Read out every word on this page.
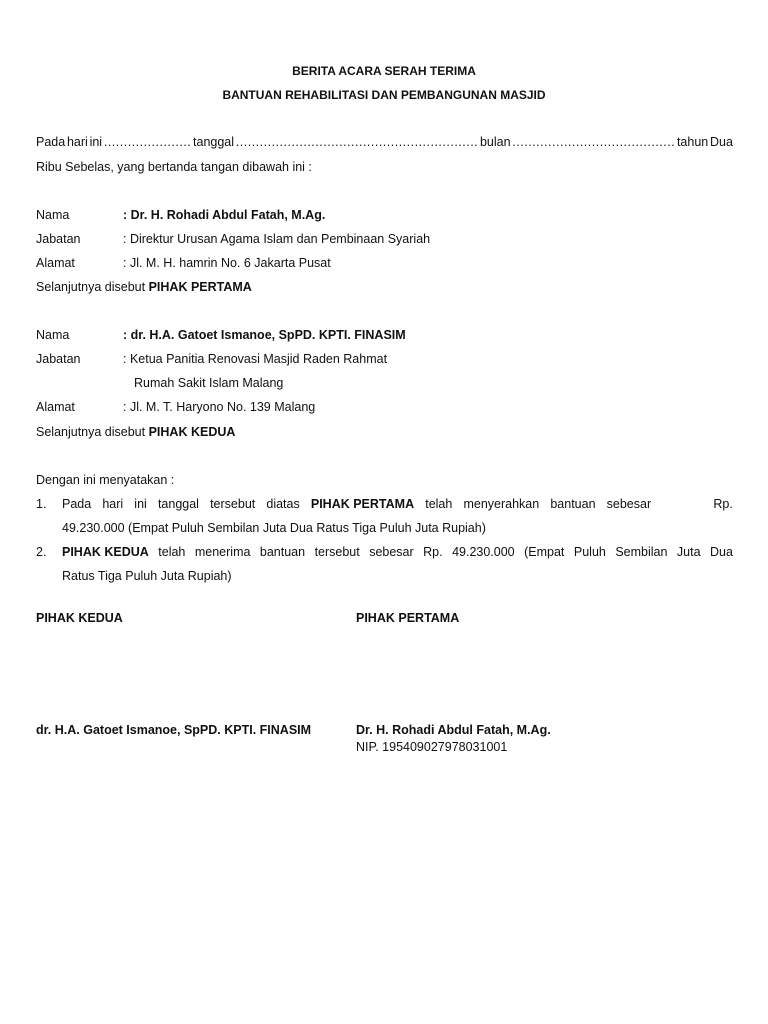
BERITA ACARA SERAH TERIMA
BANTUAN REHABILITASI DAN PEMBANGUNAN MASJID
Pada hari ini ...................... tanggal ............................................................. bulan ......................................... tahun Dua
Ribu Sebelas, yang bertanda tangan dibawah ini :
Nama	: Dr. H. Rohadi Abdul Fatah, M.Ag.
Jabatan	: Direktur Urusan Agama Islam dan Pembinaan Syariah
Alamat	: Jl. M. H. hamrin No. 6 Jakarta Pusat
Selanjutnya disebut PIHAK PERTAMA
Nama	: dr. H.A. Gatoet Ismanoe, SpPD. KPTI. FINASIM
Jabatan	: Ketua Panitia Renovasi Masjid Raden Rahmat
Rumah Sakit Islam Malang
Alamat	: Jl. M. T. Haryono No. 139 Malang
Selanjutnya disebut PIHAK KEDUA
Dengan ini menyatakan :
1. Pada hari ini tanggal tersebut diatas PIHAK PERTAMA telah menyerahkan bantuan sebesar	Rp.
49.230.000 (Empat Puluh Sembilan Juta Dua Ratus Tiga Puluh Juta Rupiah)
2. PIHAK KEDUA telah menerima bantuan tersebut sebesar Rp. 49.230.000 (Empat Puluh Sembilan Juta Dua
Ratus Tiga Puluh Juta Rupiah)
PIHAK KEDUA	PIHAK PERTAMA
dr. H.A. Gatoet Ismanoe, SpPD. KPTI. FINASIM	Dr. H. Rohadi Abdul Fatah, M.Ag.
NIP. 195409027978031001
